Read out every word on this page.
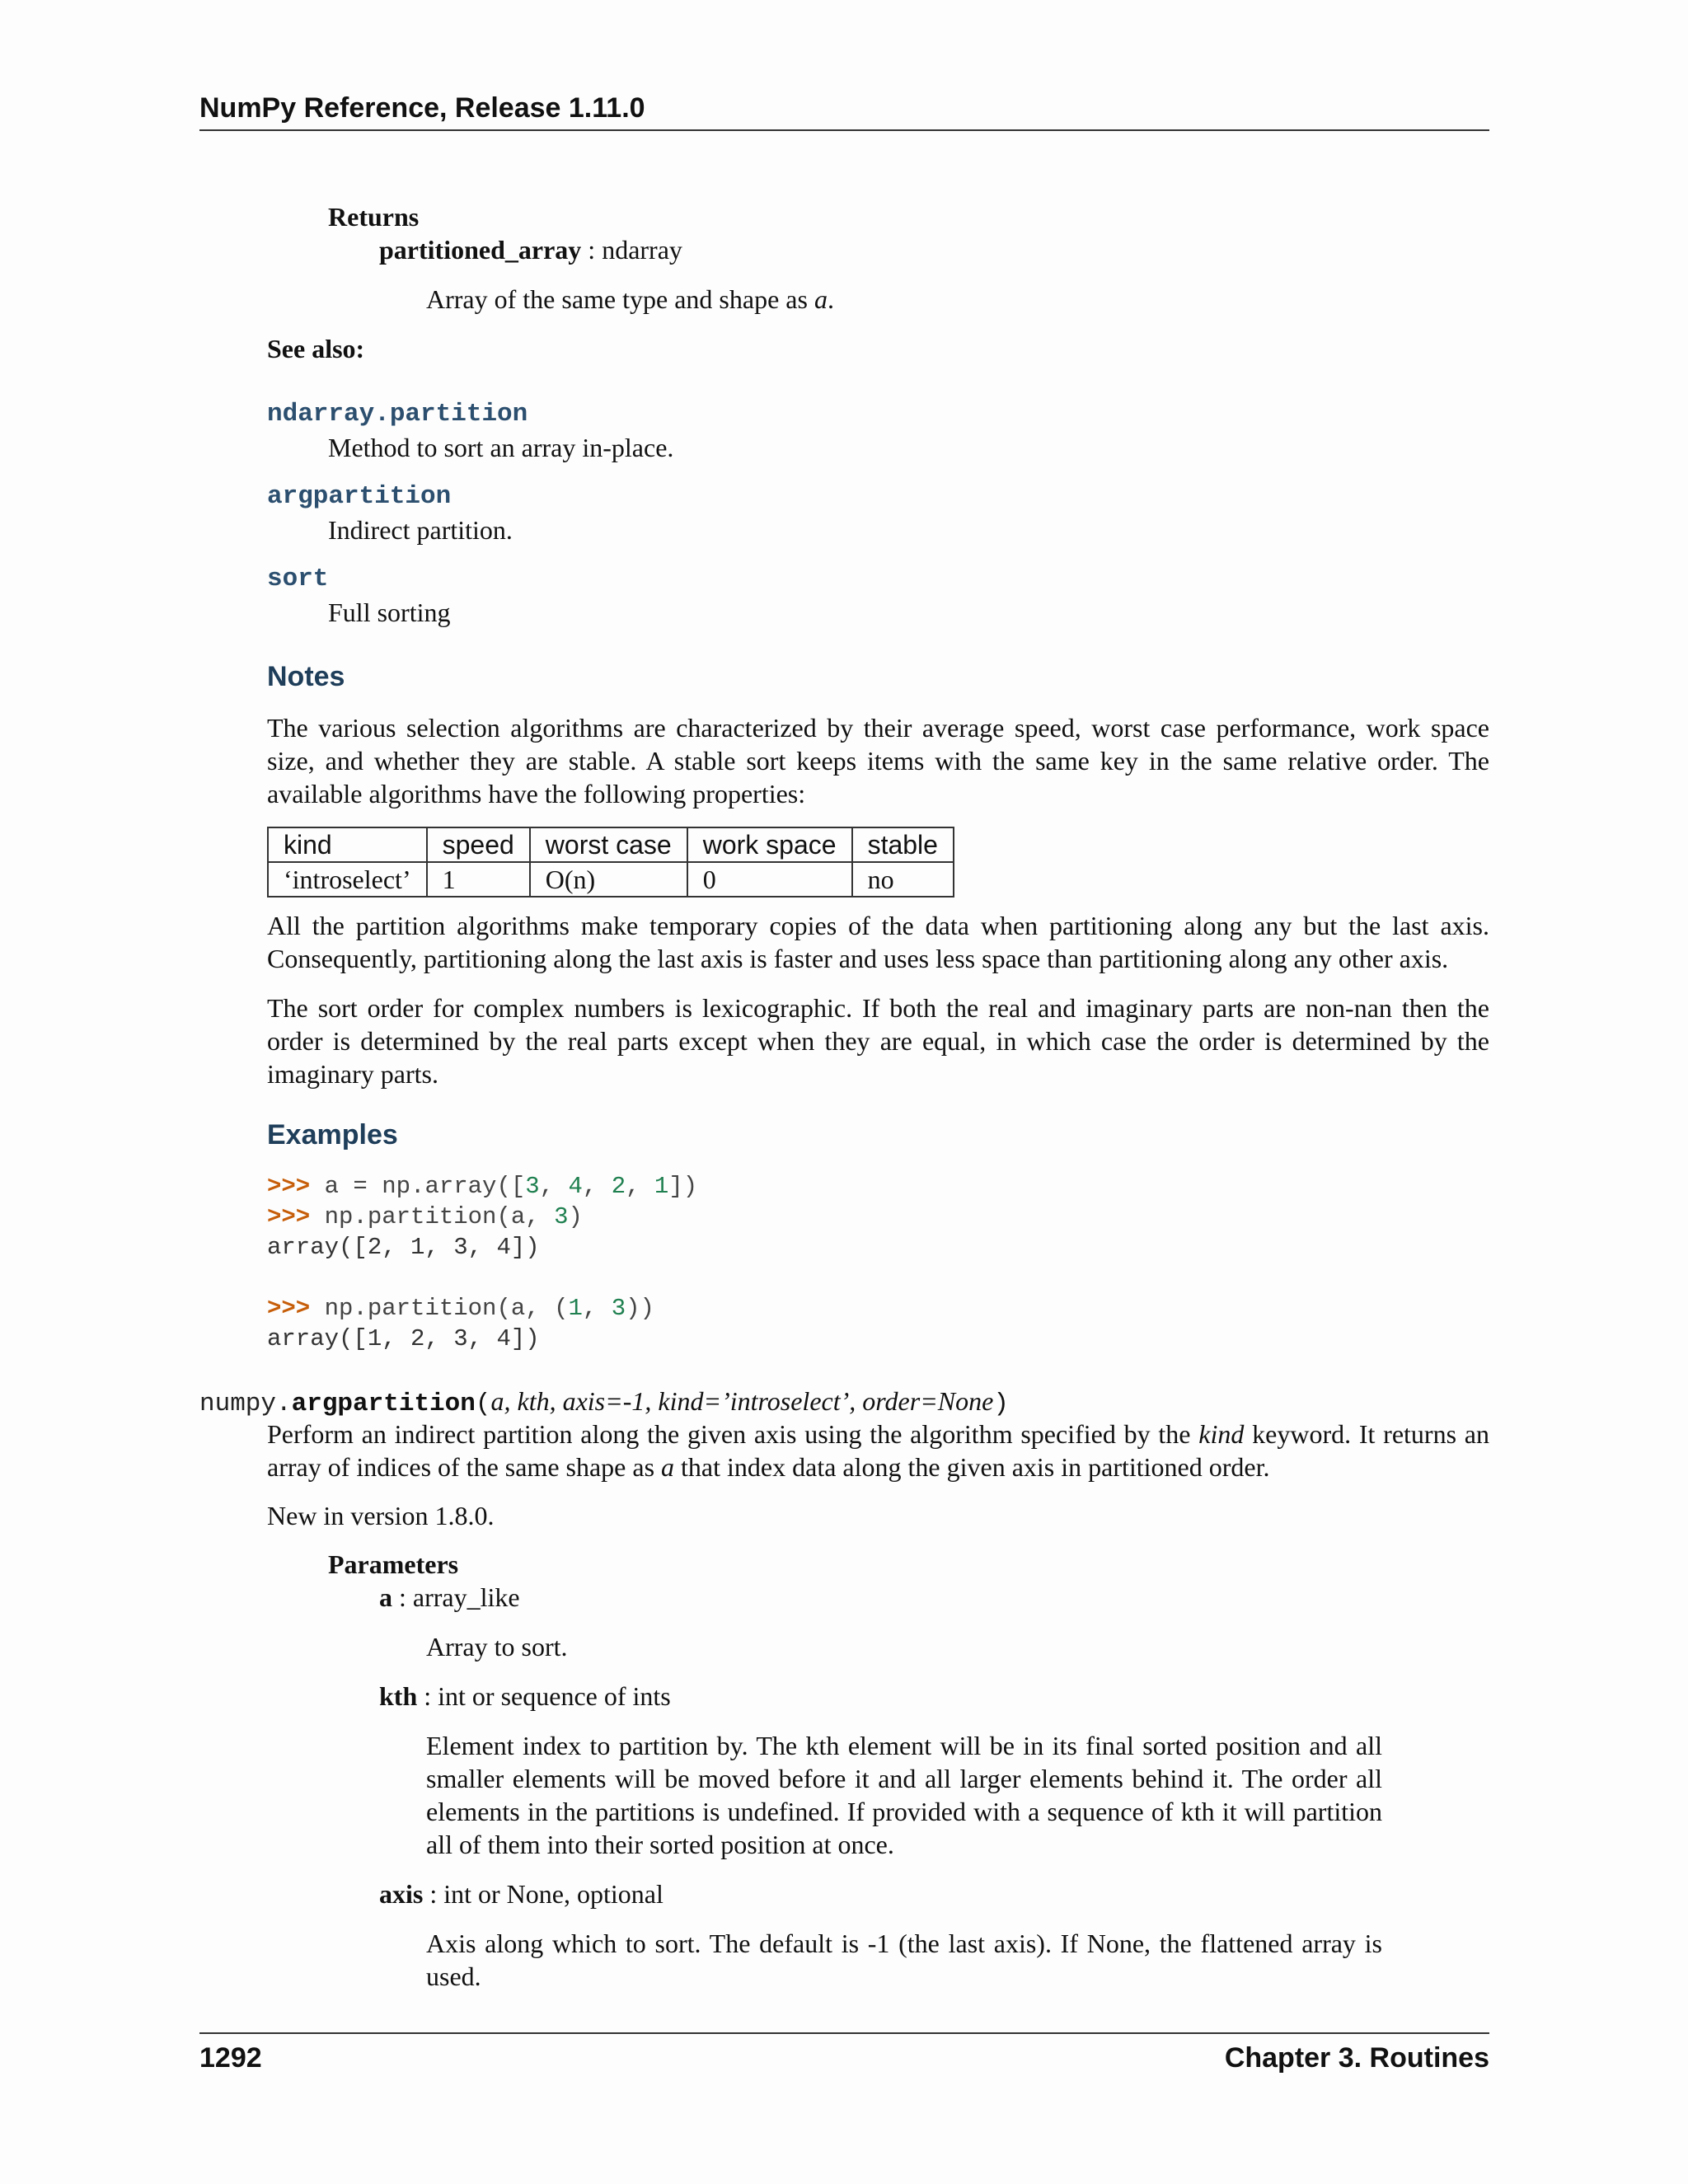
NumPy Reference, Release 1.11.0
Returns
partitioned_array : ndarray
Array of the same type and shape as a.
See also:
ndarray.partition
Method to sort an array in-place.
argpartition
Indirect partition.
sort
Full sorting
Notes
The various selection algorithms are characterized by their average speed, worst case performance, work space size, and whether they are stable. A stable sort keeps items with the same key in the same relative order. The available algorithms have the following properties:
kind	speed	worst case	work space	stable
‘introselect’	1	O(n)	0	no
All the partition algorithms make temporary copies of the data when partitioning along any but the last axis. Consequently, partitioning along the last axis is faster and uses less space than partitioning along any other axis.
The sort order for complex numbers is lexicographic. If both the real and imaginary parts are non-nan then the order is determined by the real parts except when they are equal, in which case the order is determined by the imaginary parts.
Examples
>>> a = np.array([3, 4, 2, 1])
>>> np.partition(a, 3)
array([2, 1, 3, 4])

>>> np.partition(a, (1, 3))
array([1, 2, 3, 4])
numpy.argpartition(a, kth, axis=-1, kind=’introselect’, order=None)
Perform an indirect partition along the given axis using the algorithm specified by the kind keyword. It returns an array of indices of the same shape as a that index data along the given axis in partitioned order.
New in version 1.8.0.
Parameters
a : array_like
Array to sort.
kth : int or sequence of ints
Element index to partition by. The kth element will be in its final sorted position and all smaller elements will be moved before it and all larger elements behind it. The order all elements in the partitions is undefined. If provided with a sequence of kth it will partition all of them into their sorted position at once.
axis : int or None, optional
Axis along which to sort. The default is -1 (the last axis). If None, the flattened array is used.
1292	Chapter 3. Routines
